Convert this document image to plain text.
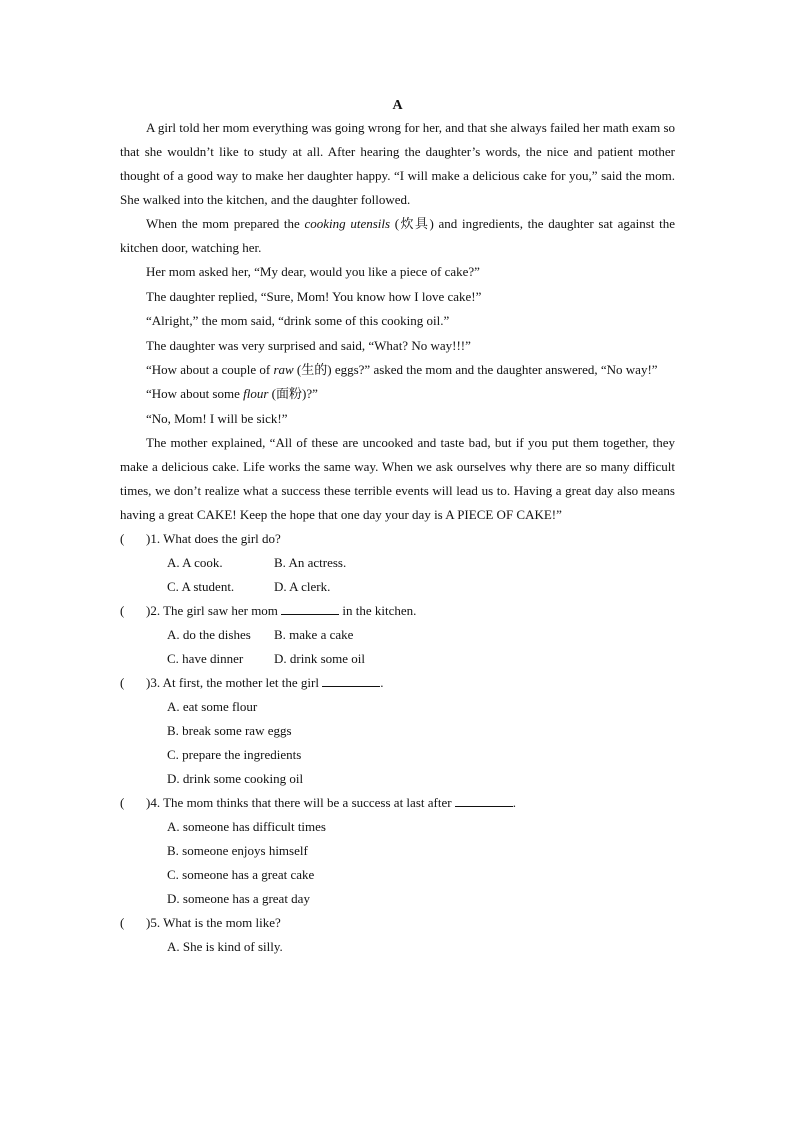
A

A girl told her mom everything was going wrong for her, and that she always failed her math exam so that she wouldn’t like to study at all. After hearing the daughter’s words, the nice and patient mother thought of a good way to make her daughter happy. “I will make a delicious cake for you,” said the mom. She walked into the kitchen, and the daughter followed.

When the mom prepared the cooking utensils (炊具) and ingredients, the daughter sat against the kitchen door, watching her.

Her mom asked her, “My dear, would you like a piece of cake?”
The daughter replied, “Sure, Mom! You know how I love cake!”
“Alright,” the mom said, “drink some of this cooking oil.”
The daughter was very surprised and said, “What? No way!!!”

“How about a couple of raw (生的) eggs?” asked the mom and the daughter answered, “No way!”

“How about some flour (面粉)?”
“No, Mom! I will be sick!”

The mother explained, “All of these are uncooked and taste bad, but if you put them together, they make a delicious cake. Life works the same way. When we ask ourselves why there are so many difficult times, we don’t realize what a success these terrible events will lead us to. Having a great day also means having a great CAKE! Keep the hope that one day your day is A PIECE OF CAKE!”

( )1. What does the girl do?
A. A cook.	B. An actress.
C. A student.	D. A clerk.
( )2. The girl saw her mom	in the kitchen.
A. do the dishes B. make a cake
C. have dinner D. drink some oil
( )3. At first, the mother let the girl	.
A. eat some flour
B. break some raw eggs
C. prepare the ingredients
D. drink some cooking oil
( )4. The mom thinks that there will be a success at last after	.
A. someone has difficult times
B. someone enjoys himself
C. someone has a great cake
D. someone has a great day
( )5. What is the mom like?
A. She is kind of silly.
